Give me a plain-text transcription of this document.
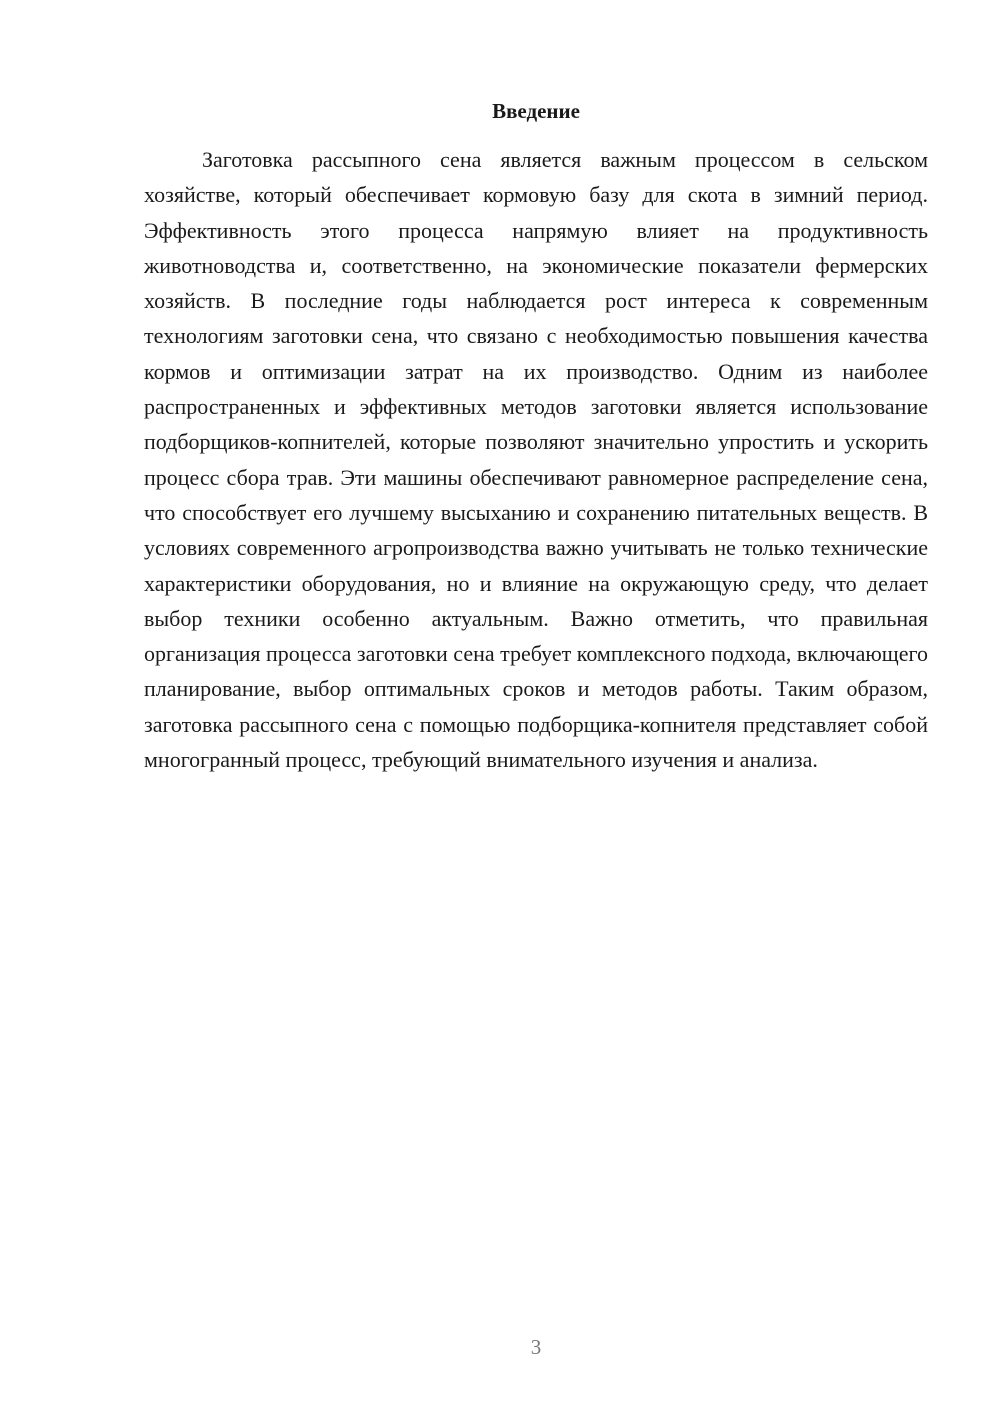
Введение

Заготовка рассыпного сена является важным процессом в сельском хозяйстве, который обеспечивает кормовую базу для скота в зимний период. Эффективность этого процесса напрямую влияет на продуктивность животноводства и, соответственно, на экономические показатели фермерских хозяйств. В последние годы наблюдается рост интереса к современным технологиям заготовки сена, что связано с необходимостью повышения качества кормов и оптимизации затрат на их производство. Одним из наиболее распространенных и эффективных методов заготовки является использование подборщиков-копнителей, которые позволяют значительно упростить и ускорить процесс сбора трав. Эти машины обеспечивают равномерное распределение сена, что способствует его лучшему высыханию и сохранению питательных веществ. В условиях современного агропроизводства важно учитывать не только технические характеристики оборудования, но и влияние на окружающую среду, что делает выбор техники особенно актуальным. Важно отметить, что правильная организация процесса заготовки сена требует комплексного подхода, включающего планирование, выбор оптимальных сроков и методов работы. Таким образом, заготовка рассыпного сена с помощью подборщика-копнителя представляет собой многогранный процесс, требующий внимательного изучения и анализа.

3
